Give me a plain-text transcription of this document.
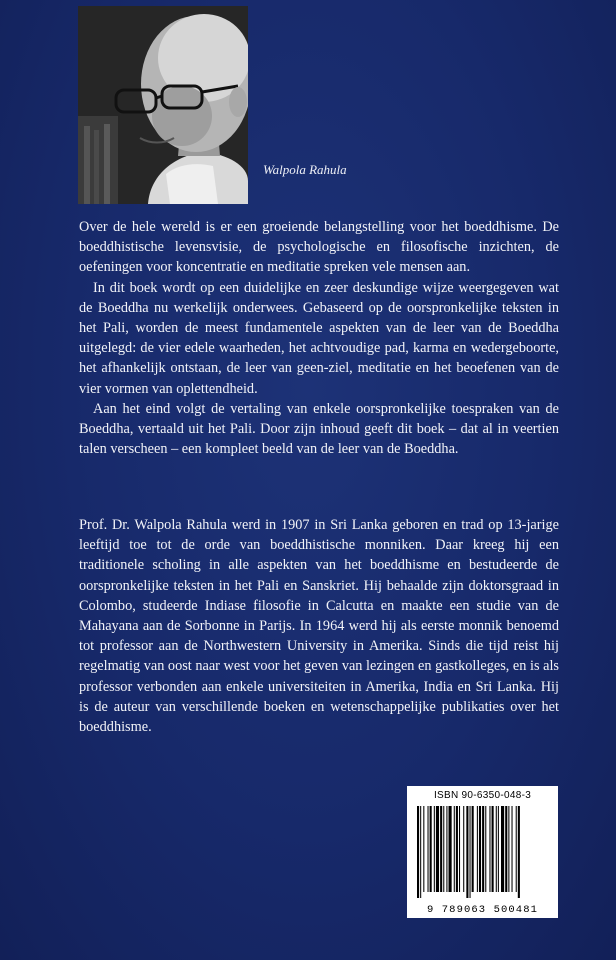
Walpola Rahula

Over de hele wereld is er een groeiende belangstelling voor het boeddhisme. De boeddhistische levensvisie, de psychologische en filosofische inzichten, de oefeningen voor koncentratie en meditatie spreken vele mensen aan.

In dit boek wordt op een duidelijke en zeer deskundige wijze weergegeven wat de Boeddha nu werkelijk onderwees. Gebaseerd op de oorspronkelijke teksten in het Pali, worden de meest fundamentele aspekten van de leer van de Boeddha uitgelegd: de vier edele waarheden, het achtvoudige pad, karma en wedergeboorte, het afhankelijk ontstaan, de leer van geen-ziel, meditatie en het beoefenen van de vier vormen van oplettendheid.

Aan het eind volgt de vertaling van enkele oorspronkelijke toespraken van de Boeddha, vertaald uit het Pali. Door zijn inhoud geeft dit boek – dat al in veertien talen verscheen – een kompleet beeld van de leer van de Boeddha.

Prof. Dr. Walpola Rahula werd in 1907 in Sri Lanka geboren en trad op 13-jarige leeftijd toe tot de orde van boeddhistische monniken. Daar kreeg hij een traditionele scholing in alle aspekten van het boeddhisme en bestudeerde de oorspronkelijke teksten in het Pali en Sanskriet. Hij behaalde zijn doktorsgraad in Colombo, studeerde Indiase filosofie in Calcutta en maakte een studie van de Mahayana aan de Sorbonne in Parijs. In 1964 werd hij als eerste monnik benoemd tot professor aan de Northwestern University in Amerika. Sinds die tijd reist hij regelmatig van oost naar west voor het geven van lezingen en gastkolleges, en is als professor verbonden aan enkele universiteiten in Amerika, India en Sri Lanka. Hij is de auteur van verschillende boeken en wetenschappelijke publikaties over het boeddhisme.

ISBN 90-6350-048-3
9 789063 500481
